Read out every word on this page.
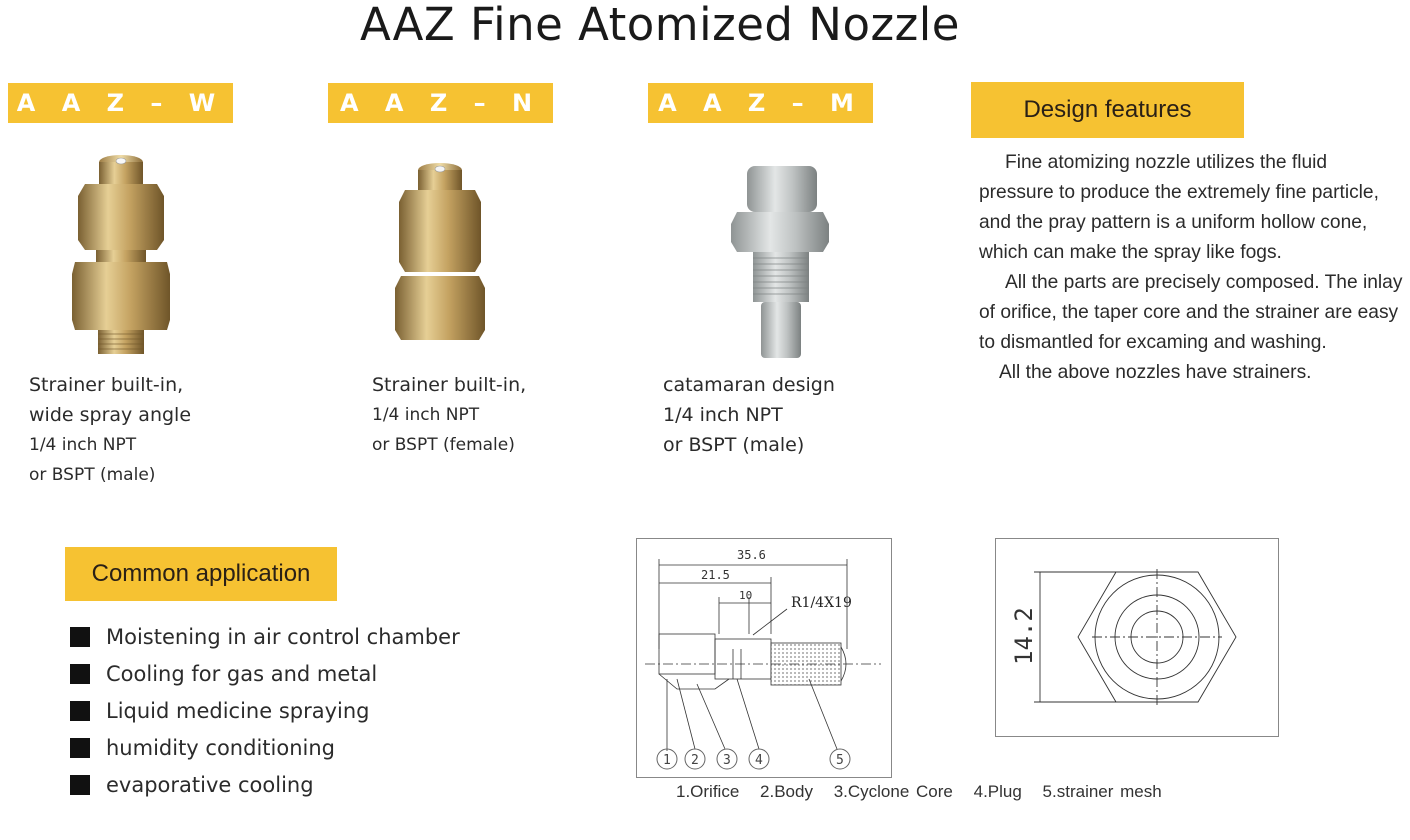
AAZ Fine Atomized Nozzle
A A Z – W	A A Z – N	A A Z – M
Strainer built-in,
wide spray angle
1/4 inch NPT
or BSPT (male)
Strainer built-in,
1/4 inch NPT
or BSPT (female)
catamaran design
1/4 inch NPT
or BSPT (male)
Design features

Fine atomizing nozzle utilizes the fluid pressure to produce the extremely fine particle, and the pray pattern is a uniform hollow cone, which can make the spray like fogs.

All the parts are precisely composed. The inlay of orifice, the taper core and the strainer are easy to dismantled for excaming and washing.

All the above nozzles have strainers.

Common application
Moistening in air control chamber
Cooling for gas and metal
Liquid medicine spraying
humidity conditioning
evaporative cooling
35.6
21.5
10	R1/4X19
1 2 3 4	5
14.2
1.Orifice 2.Body 3.Cyclone Core 4.Plug 5.strainer mesh
